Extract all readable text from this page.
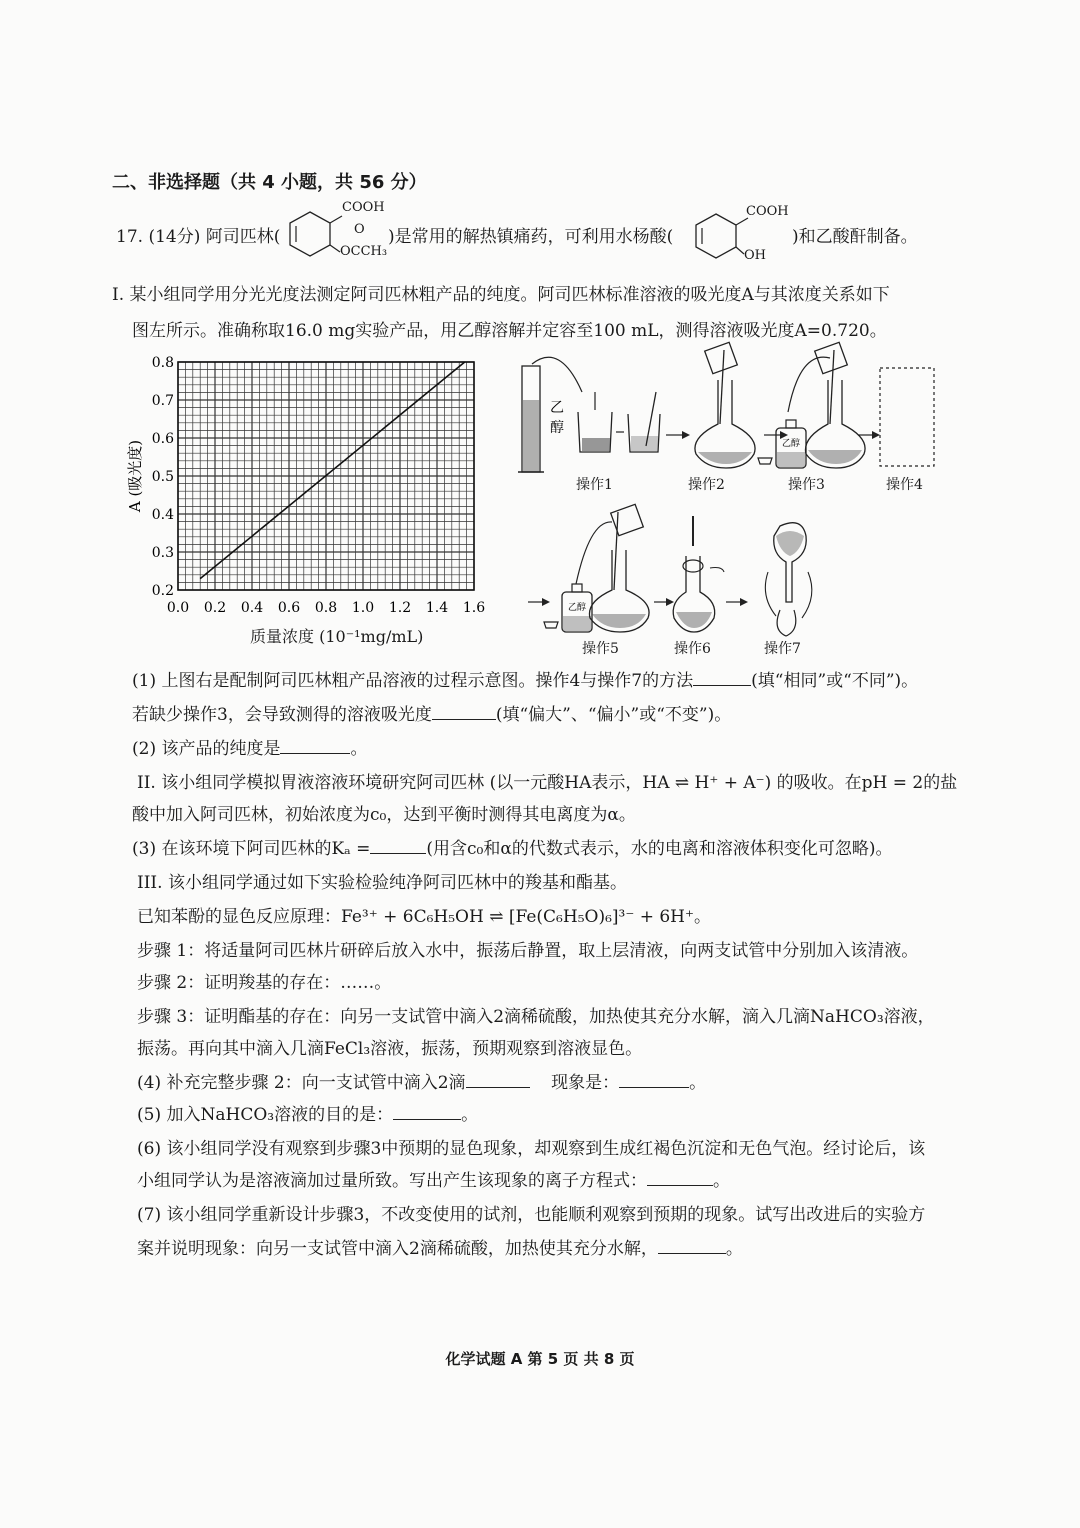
二、非选择题（共 4 小题，共 56 分）
17. (14分) 阿司匹林(
COOH
O
OCCH₃
)是常用的解热镇痛药，可利用水杨酸(
COOH
OH
)和乙酸酐制备。
I. 某小组同学用分光光度法测定阿司匹林粗产品的纯度。阿司匹林标准溶液的吸光度A与其浓度关系如下
图左所示。准确称取16.0 mg实验产品，用乙醇溶解并定容至100 mL，测得溶液吸光度A=0.720。
0.0 0.2 0.4 0.6 0.8 1.0 1.2 1.4 1.6
0.2
0.3
0.4
0.5
0.6
0.7
0.8
A (吸光度)
质量浓度 (10⁻¹mg/mL)
乙
醇
乙醇
乙醇
操作1	操作2	操作3	操作4
操作5	操作6	操作7
(1) 上图右是配制阿司匹林粗产品溶液的过程示意图。操作4与操作7的方法	(填“相同”或“不同”)。
若缺少操作3，会导致测得的溶液吸光度	(填“偏大”、“偏小”或“不变”)。
(2) 该产品的纯度是	。
II. 该小组同学模拟胃液溶液环境研究阿司匹林 (以一元酸HA表示，HA ⇌ H⁺ + A⁻) 的吸收。在pH = 2的盐
酸中加入阿司匹林，初始浓度为c₀，达到平衡时测得其电离度为α。
(3) 在该环境下阿司匹林的Kₐ =	(用含c₀和α的代数式表示，水的电离和溶液体积变化可忽略)。
III. 该小组同学通过如下实验检验纯净阿司匹林中的羧基和酯基。
已知苯酚的显色反应原理：Fe³⁺ + 6C₆H₅OH ⇌ [Fe(C₆H₅O)₆]³⁻ + 6H⁺。
步骤 1：将适量阿司匹林片研碎后放入水中，振荡后静置，取上层清液，向两支试管中分别加入该清液。
步骤 2：证明羧基的存在：……。
步骤 3：证明酯基的存在：向另一支试管中滴入2滴稀硫酸，加热使其充分水解，滴入几滴NaHCO₃溶液，
振荡。再向其中滴入几滴FeCl₃溶液，振荡，预期观察到溶液显色。
(4) 补充完整步骤 2：向一支试管中滴入2滴	现象是：	。
(5) 加入NaHCO₃溶液的目的是：	。
(6) 该小组同学没有观察到步骤3中预期的显色现象，却观察到生成红褐色沉淀和无色气泡。经讨论后，该
小组同学认为是溶液滴加过量所致。写出产生该现象的离子方程式：	。
(7) 该小组同学重新设计步骤3，不改变使用的试剂，也能顺利观察到预期的现象。试写出改进后的实验方
案并说明现象：向另一支试管中滴入2滴稀硫酸，加热使其充分水解，	。
化学试题 A 第 5 页 共 8 页
